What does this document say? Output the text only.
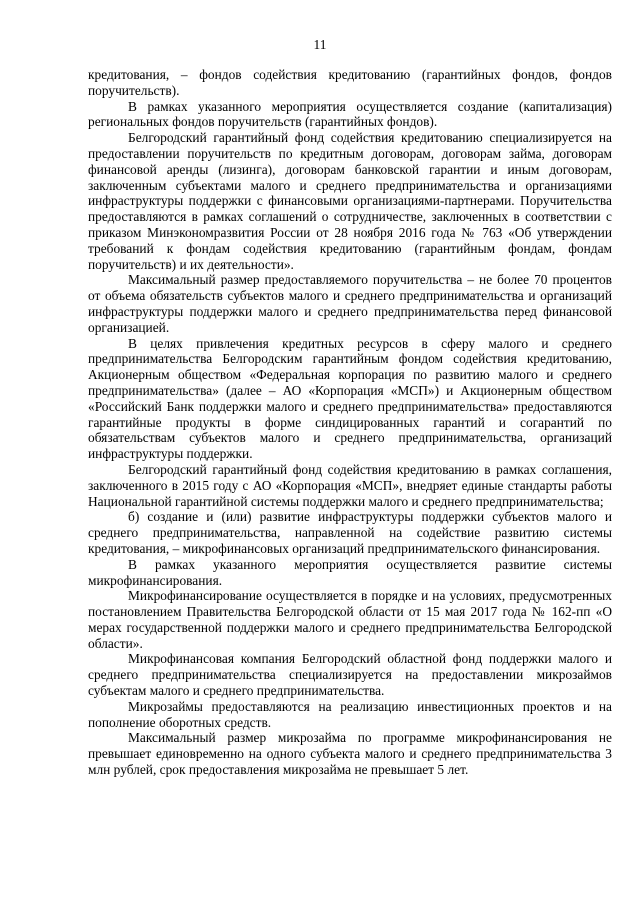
11

кредитования, – фондов содействия кредитованию (гарантийных фондов, фондов поручительств).

В рамках указанного мероприятия осуществляется создание (капитализация) региональных фондов поручительств (гарантийных фондов).

Белгородский гарантийный фонд содействия кредитованию специализируется на предоставлении поручительств по кредитным договорам, договорам займа, договорам финансовой аренды (лизинга), договорам банковской гарантии и иным договорам, заключенным субъектами малого и среднего предпринимательства и организациями инфраструктуры поддержки с финансовыми организациями-партнерами. Поручительства предоставляются в рамках соглашений о сотрудничестве, заключенных в соответствии с приказом Минэкономразвития России от 28 ноября 2016 года № 763 «Об утверждении требований к фондам содействия кредитованию (гарантийным фондам, фондам поручительств) и их деятельности».

Максимальный размер предоставляемого поручительства – не более 70 процентов от объема обязательств субъектов малого и среднего предпринимательства и организаций инфраструктуры поддержки малого и среднего предпринимательства перед финансовой организацией.

В целях привлечения кредитных ресурсов в сферу малого и среднего предпринимательства Белгородским гарантийным фондом содействия кредитованию, Акционерным обществом «Федеральная корпорация по развитию малого и среднего предпринимательства» (далее – АО «Корпорация «МСП») и Акционерным обществом «Российский Банк поддержки малого и среднего предпринимательства» предоставляются гарантийные продукты в форме синдицированных гарантий и согарантий по обязательствам субъектов малого и среднего предпринимательства, организаций инфраструктуры поддержки.

Белгородский гарантийный фонд содействия кредитованию в рамках соглашения, заключенного в 2015 году с АО «Корпорация «МСП», внедряет единые стандарты работы Национальной гарантийной системы поддержки малого и среднего предпринимательства;

б) создание и (или) развитие инфраструктуры поддержки субъектов малого и среднего предпринимательства, направленной на содействие развитию системы кредитования, – микрофинансовых организаций предпринимательского финансирования.

В рамках указанного мероприятия осуществляется развитие системы микрофинансирования.

Микрофинансирование осуществляется в порядке и на условиях, предусмотренных постановлением Правительства Белгородской области от 15 мая 2017 года № 162-пп «О мерах государственной поддержки малого и среднего предпринимательства Белгородской области».

Микрофинансовая компания Белгородский областной фонд поддержки малого и среднего предпринимательства специализируется на предоставлении микрозаймов субъектам малого и среднего предпринимательства.

Микрозаймы предоставляются на реализацию инвестиционных проектов и на пополнение оборотных средств.

Максимальный размер микрозайма по программе микрофинансирования не превышает единовременно на одного субъекта малого и среднего предпринимательства 3 млн рублей, срок предоставления микрозайма не превышает 5 лет.
